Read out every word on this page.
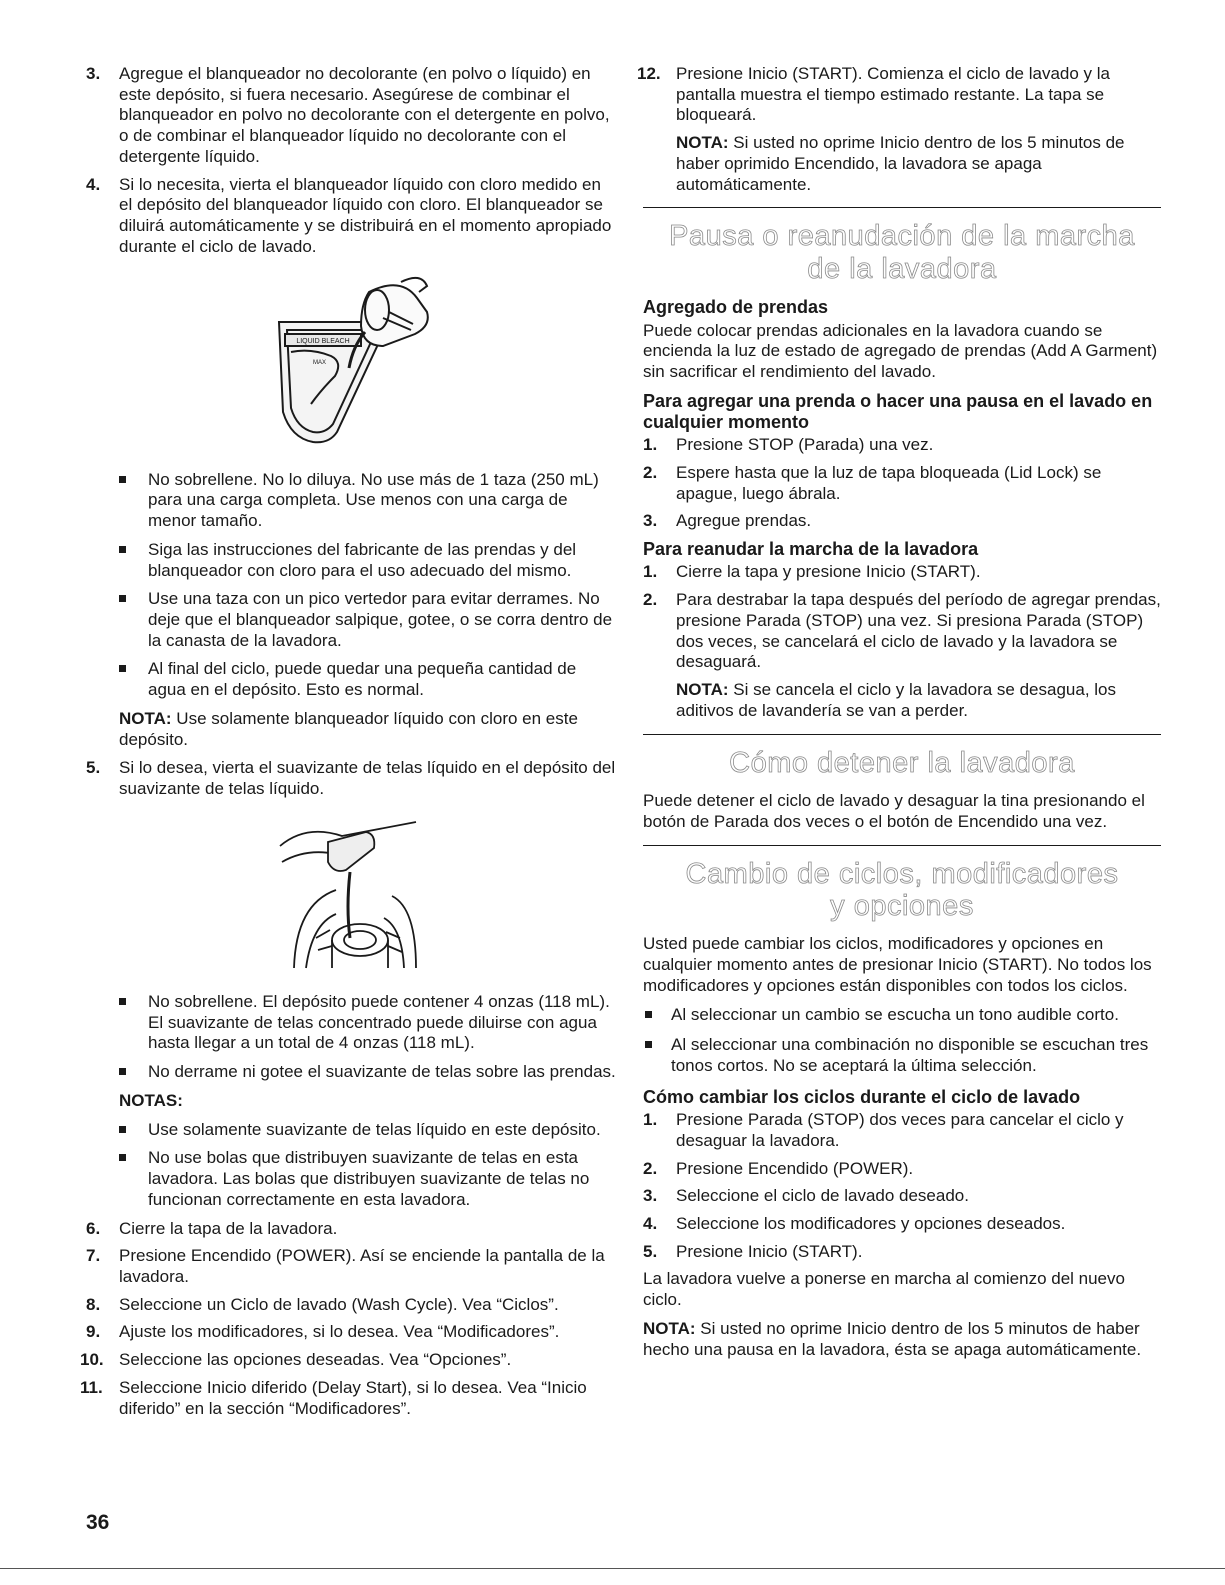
3. Agregue el blanqueador no decolorante (en polvo o líquido) en este depósito, si fuera necesario. Asegúrese de combinar el blanqueador en polvo no decolorante con el detergente en polvo, o de combinar el blanqueador líquido no decolorante con el detergente líquido.
4. Si lo necesita, vierta el blanqueador líquido con cloro medido en el depósito del blanqueador líquido con cloro. El blanqueador se diluirá automáticamente y se distribuirá en el momento apropiado durante el ciclo de lavado.
LIQUID BLEACH
MAX
No sobrellene. No lo diluya. No use más de 1 taza (250 mL) para una carga completa. Use menos con una carga de menor tamaño.
Siga las instrucciones del fabricante de las prendas y del blanqueador con cloro para el uso adecuado del mismo.
Use una taza con un pico vertedor para evitar derrames. No deje que el blanqueador salpique, gotee, o se corra dentro de la canasta de la lavadora.
Al final del ciclo, puede quedar una pequeña cantidad de agua en el depósito. Esto es normal.
NOTA: Use solamente blanqueador líquido con cloro en este depósito.
5. Si lo desea, vierta el suavizante de telas líquido en el depósito del suavizante de telas líquido.
No sobrellene. El depósito puede contener 4 onzas (118 mL). El suavizante de telas concentrado puede diluirse con agua hasta llegar a un total de 4 onzas (118 mL).
No derrame ni gotee el suavizante de telas sobre las prendas.
NOTAS:
Use solamente suavizante de telas líquido en este depósito.
No use bolas que distribuyen suavizante de telas en esta lavadora. Las bolas que distribuyen suavizante de telas no funcionan correctamente en esta lavadora.
6. Cierre la tapa de la lavadora.
7. Presione Encendido (POWER). Así se enciende la pantalla de la lavadora.
8. Seleccione un Ciclo de lavado (Wash Cycle). Vea “Ciclos”.
9. Ajuste los modificadores, si lo desea. Vea “Modificadores”.
10. Seleccione las opciones deseadas. Vea “Opciones”.
11. Seleccione Inicio diferido (Delay Start), si lo desea. Vea “Inicio diferido” en la sección “Modificadores”.
12. Presione Inicio (START). Comienza el ciclo de lavado y la pantalla muestra el tiempo estimado restante. La tapa se bloqueará.
NOTA: Si usted no oprime Inicio dentro de los 5 minutos de haber oprimido Encendido, la lavadora se apaga automáticamente.
Pausa o reanudación de la marcha
de la lavadora
Agregado de prendas
Puede colocar prendas adicionales en la lavadora cuando se encienda la luz de estado de agregado de prendas (Add A Garment) sin sacrificar el rendimiento del lavado.
Para agregar una prenda o hacer una pausa en el lavado en cualquier momento
1. Presione STOP (Parada) una vez.
2. Espere hasta que la luz de tapa bloqueada (Lid Lock) se apague, luego ábrala.
3. Agregue prendas.
Para reanudar la marcha de la lavadora
1. Cierre la tapa y presione Inicio (START).
2. Para destrabar la tapa después del período de agregar prendas, presione Parada (STOP) una vez. Si presiona Parada (STOP) dos veces, se cancelará el ciclo de lavado y la lavadora se desaguará.
NOTA: Si se cancela el ciclo y la lavadora se desagua, los aditivos de lavandería se van a perder.
Cómo detener la lavadora
Puede detener el ciclo de lavado y desaguar la tina presionando el botón de Parada dos veces o el botón de Encendido una vez.
Cambio de ciclos, modificadores
y opciones
Usted puede cambiar los ciclos, modificadores y opciones en cualquier momento antes de presionar Inicio (START). No todos los modificadores y opciones están disponibles con todos los ciclos.
Al seleccionar un cambio se escucha un tono audible corto.
Al seleccionar una combinación no disponible se escuchan tres tonos cortos. No se aceptará la última selección.
Cómo cambiar los ciclos durante el ciclo de lavado
1. Presione Parada (STOP) dos veces para cancelar el ciclo y desaguar la lavadora.
2. Presione Encendido (POWER).
3. Seleccione el ciclo de lavado deseado.
4. Seleccione los modificadores y opciones deseados.
5. Presione Inicio (START).
La lavadora vuelve a ponerse en marcha al comienzo del nuevo ciclo.
NOTA: Si usted no oprime Inicio dentro de los 5 minutos de haber hecho una pausa en la lavadora, ésta se apaga automáticamente.
36
